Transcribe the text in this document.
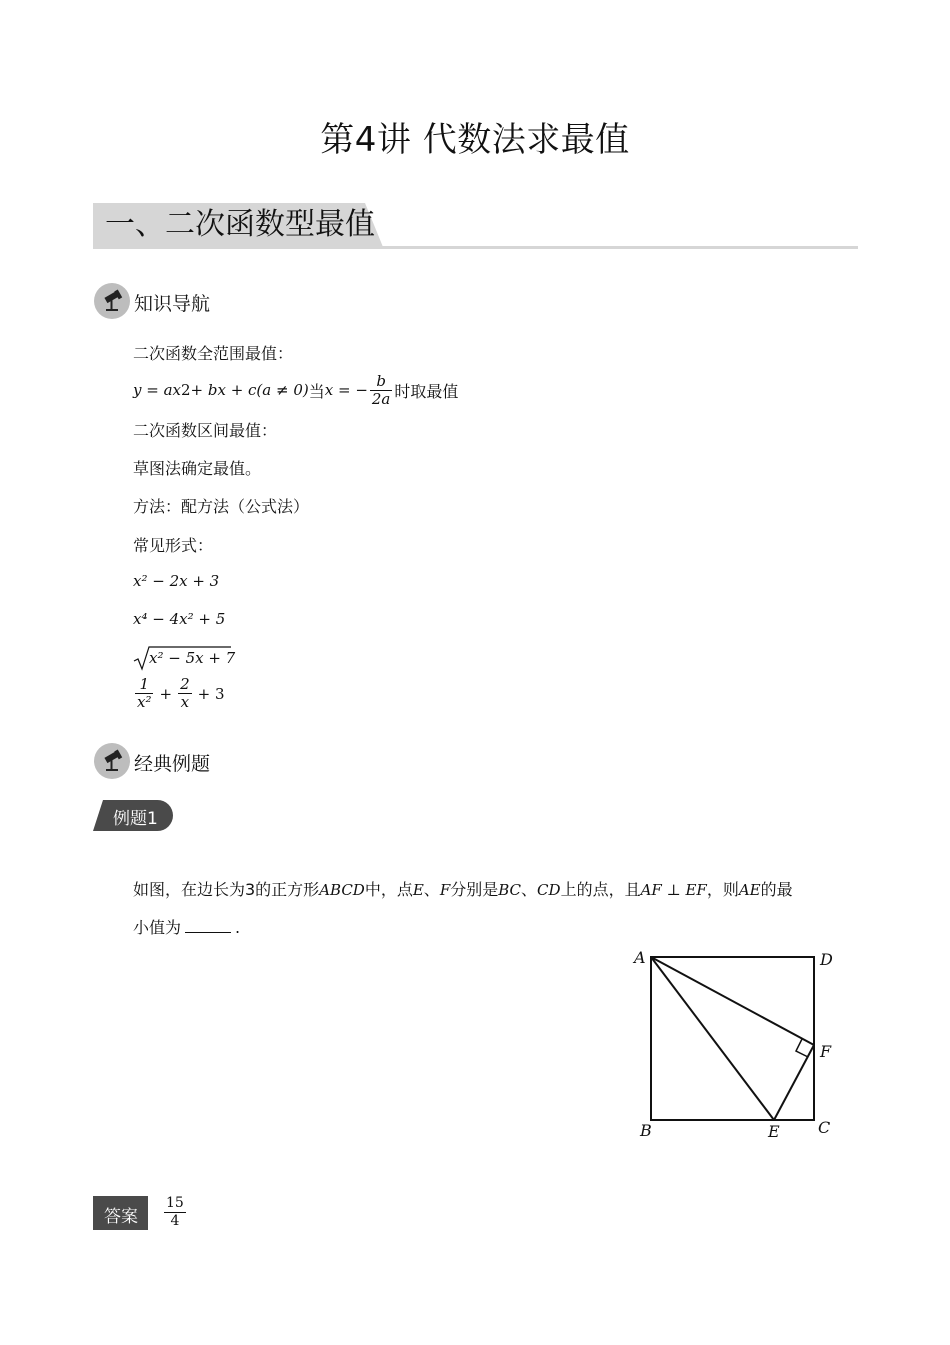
第4讲 代数法求最值
一、二次函数型最值
知识导航
二次函数全范围最值：
y = ax 2 + bx + c(a ≠ 0) 当 x = − $\frac{b}{2a}$ 时取最值
二次函数区间最值：
草图法确定最值。
方法：配方法（公式法）
常见形式：
x² − 2x + 3
x⁴ − 4x² + 5
x² − 5x + 7
$\frac{1}{\text{x²}} + \frac{2}{x} + 3$
经典例题
例题1
如图，在边长为3的正方形ABCD中，点E、F分别是BC、CD上的点，且AF ⊥ EF，则AE的最
小值为	.
A	D
F
B	E C
答案 $\frac{15}{4}$
